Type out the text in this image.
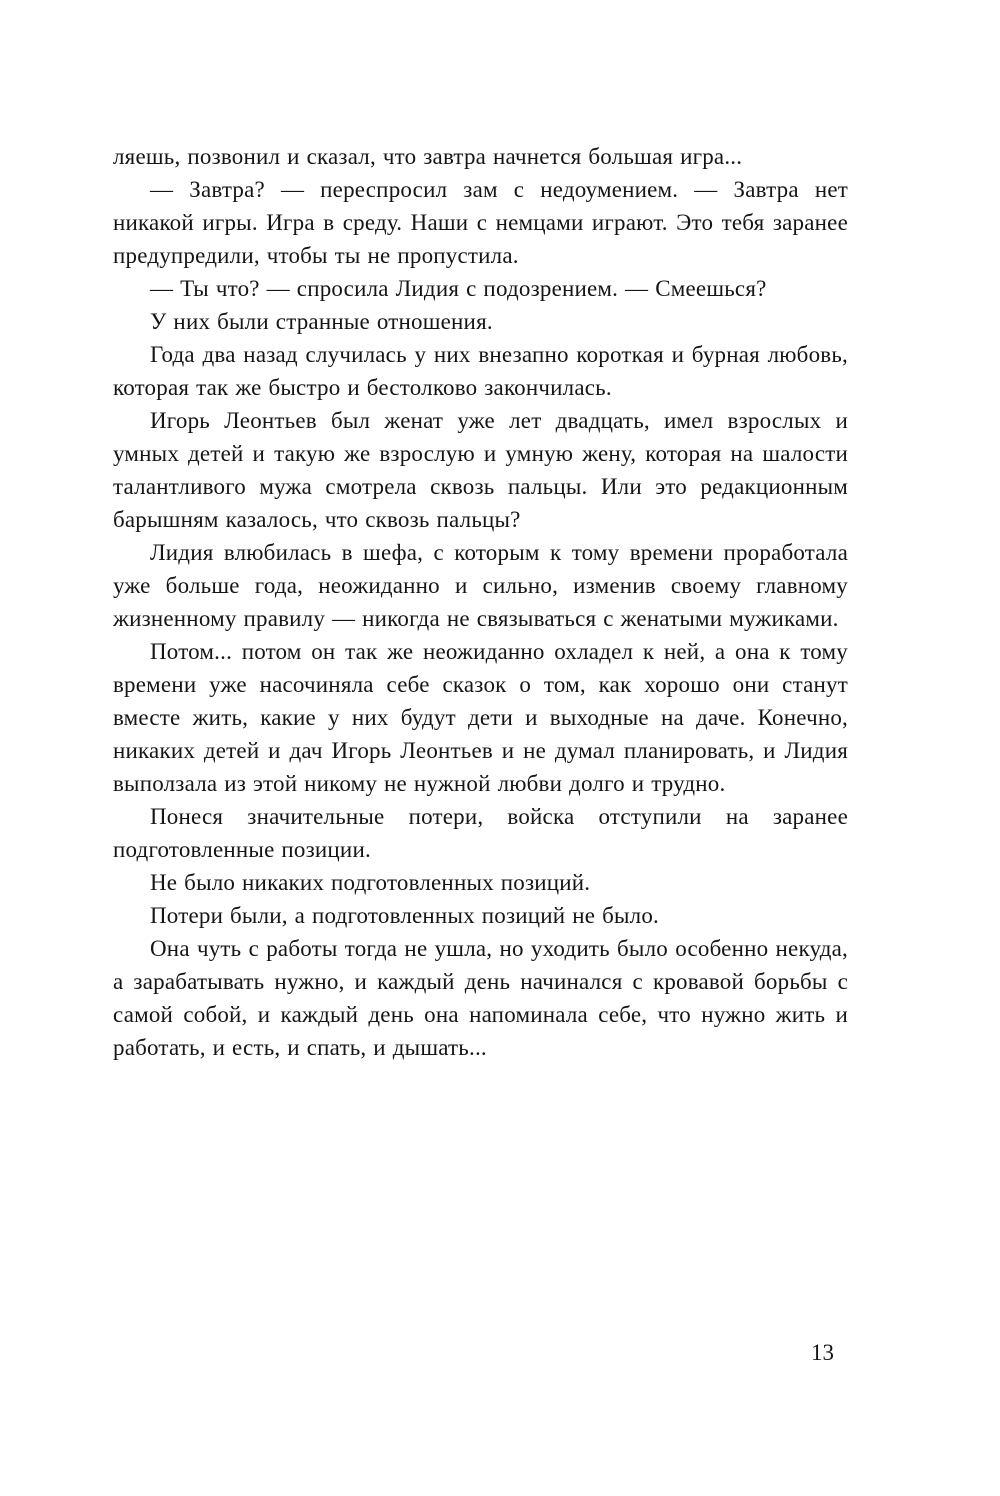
ляешь, позвонил и сказал, что завтра начнется большая игра...

— Завтра? — переспросил зам с недоумением. — Завтра нет никакой игры. Игра в среду. Наши с немцами играют. Это тебя заранее предупредили, чтобы ты не пропустила.

— Ты что? — спросила Лидия с подозрением. — Смеешься?

У них были странные отношения.

Года два назад случилась у них внезапно короткая и бурная любовь, которая так же быстро и бестолково закончилась.

Игорь Леонтьев был женат уже лет двадцать, имел взрослых и умных детей и такую же взрослую и умную жену, которая на шалости талантливого мужа смотрела сквозь пальцы. Или это редакционным барышням казалось, что сквозь пальцы?

Лидия влюбилась в шефа, с которым к тому времени проработала уже больше года, неожиданно и сильно, изменив своему главному жизненному правилу — никогда не связываться с женатыми мужиками.

Потом... потом он так же неожиданно охладел к ней, а она к тому времени уже насочиняла себе сказок о том, как хорошо они станут вместе жить, какие у них будут дети и выходные на даче. Конечно, никаких детей и дач Игорь Леонтьев и не думал планировать, и Лидия выползала из этой никому не нужной любви долго и трудно.

Понеся значительные потери, войска отступили на заранее подготовленные позиции.

Не было никаких подготовленных позиций.

Потери были, а подготовленных позиций не было.

Она чуть с работы тогда не ушла, но уходить было особенно некуда, а зарабатывать нужно, и каждый день начинался с кровавой борьбы с самой собой, и каждый день она напоминала себе, что нужно жить и работать, и есть, и спать, и дышать...

13
